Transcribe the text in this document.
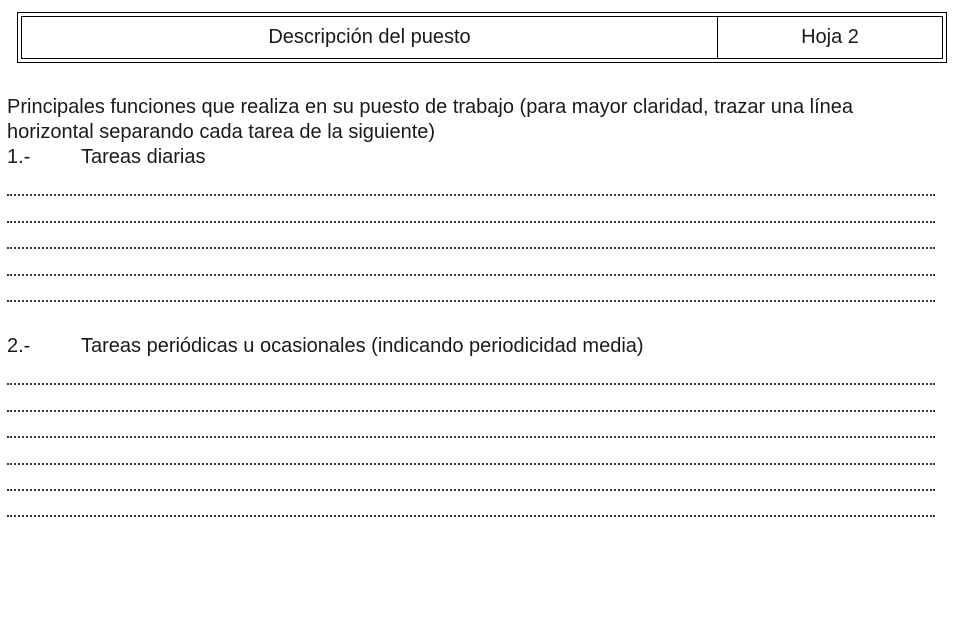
Descripción del puesto	Hoja 2

Principales funciones que realiza en su puesto de trabajo (para mayor claridad, trazar una línea horizontal separando cada tarea de la siguiente)

1.-	Tareas diarias
2.-	Tareas periódicas u ocasionales (indicando periodicidad media)
